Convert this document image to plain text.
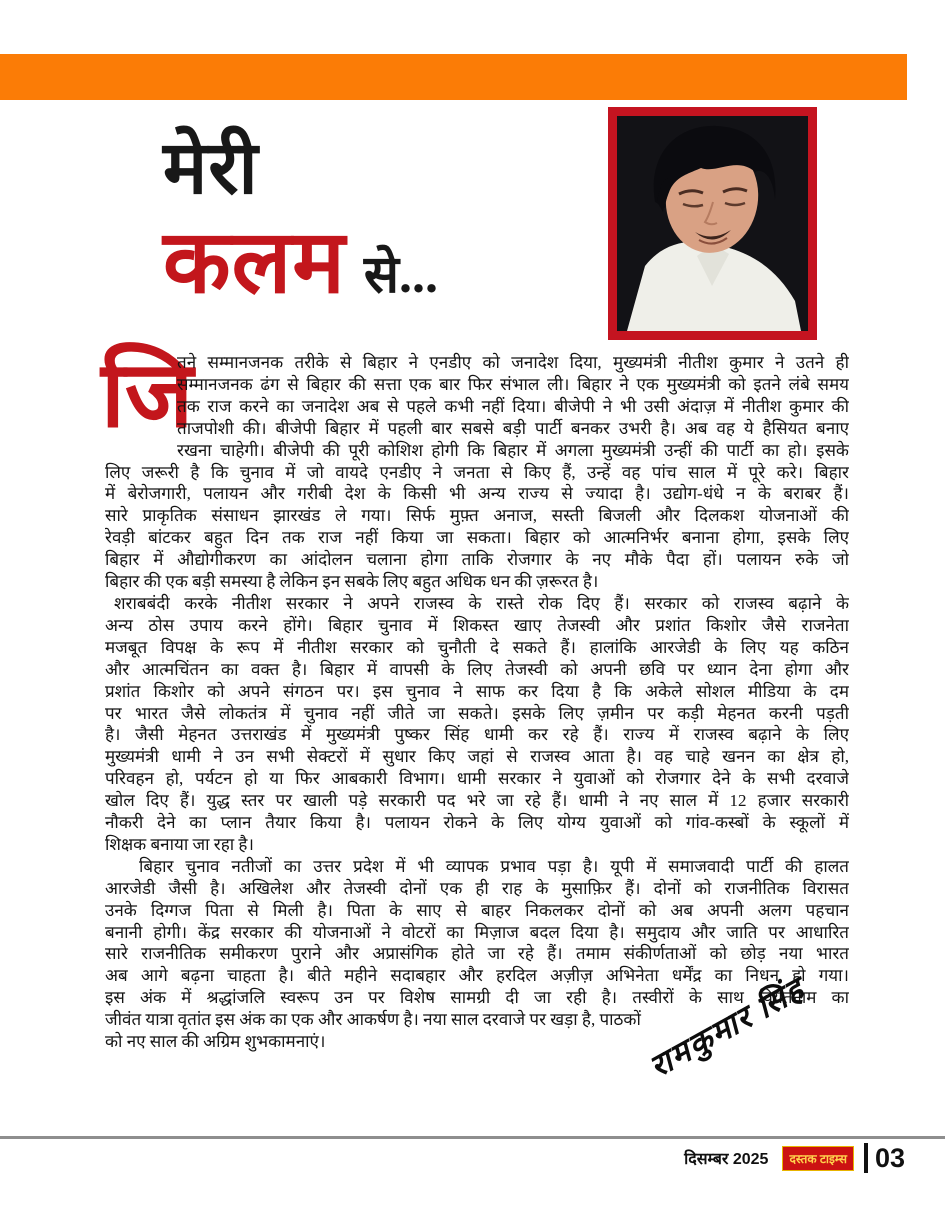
मेरी
कलम से...
जि
तने सम्मानजनक तरीके से बिहार ने एनडीए को जनादेश दिया, मुख्यमंत्री नीतीश कुमार ने उतने ही
सम्मानजनक ढंग से बिहार की सत्ता एक बार फिर संभाल ली। बिहार ने एक मुख्यमंत्री को इतने लंबे समय
तक राज करने का जनादेश अब से पहले कभी नहीं दिया। बीजेपी ने भी उसी अंदाज़ में नीतीश कुमार की
ताजपोशी की। बीजेपी बिहार में पहली बार सबसे बड़ी पार्टी बनकर उभरी है। अब वह ये हैसियत बनाए
रखना चाहेगी। बीजेपी की पूरी कोशिश होगी कि बिहार में अगला मुख्यमंत्री उन्हीं की पार्टी का हो। इसके
लिए जरूरी है कि चुनाव में जो वायदे एनडीए ने जनता से किए हैं, उन्हें वह पांच साल में पूरे करे। बिहार
में बेरोजगारी, पलायन और गरीबी देश के किसी भी अन्य राज्य से ज्यादा है। उद्योग-धंधे न के बराबर हैं।
सारे प्राकृतिक संसाधन झारखंड ले गया। सिर्फ मुफ़्त अनाज, सस्ती बिजली और दिलकश योजनाओं की
रेवड़ी बांटकर बहुत दिन तक राज नहीं किया जा सकता। बिहार को आत्मनिर्भर बनाना होगा, इसके लिए
बिहार में औद्योगीकरण का आंदोलन चलाना होगा ताकि रोजगार के नए मौके पैदा हों। पलायन रुके जो
बिहार की एक बड़ी समस्या है लेकिन इन सबके लिए बहुत अधिक धन की ज़रूरत है।
शराबबंदी करके नीतीश सरकार ने अपने राजस्व के रास्ते रोक दिए हैं। सरकार को राजस्व बढ़ाने के
अन्य ठोस उपाय करने होंगे। बिहार चुनाव में शिकस्त खाए तेजस्वी और प्रशांत किशोर जैसे राजनेता
मजबूत विपक्ष के रूप में नीतीश सरकार को चुनौती दे सकते हैं। हालांकि आरजेडी के लिए यह कठिन
और आत्मचिंतन का वक्त है। बिहार में वापसी के लिए तेजस्वी को अपनी छवि पर ध्यान देना होगा और
प्रशांत किशोर को अपने संगठन पर। इस चुनाव ने साफ कर दिया है कि अकेले सोशल मीडिया के दम
पर भारत जैसे लोकतंत्र में चुनाव नहीं जीते जा सकते। इसके लिए ज़मीन पर कड़ी मेहनत करनी पड़ती
है। जैसी मेहनत उत्तराखंड में मुख्यमंत्री पुष्कर सिंह धामी कर रहे हैं। राज्य में राजस्व बढ़ाने के लिए
मुख्यमंत्री धामी ने उन सभी सेक्टरों में सुधार किए जहां से राजस्व आता है। वह चाहे खनन का क्षेत्र हो,
परिवहन हो, पर्यटन हो या फिर आबकारी विभाग। धामी सरकार ने युवाओं को रोजगार देने के सभी दरवाजे
खोल दिए हैं। युद्ध स्तर पर खाली पड़े सरकारी पद भरे जा रहे हैं। धामी ने नए साल में 12 हजार सरकारी
नौकरी देने का प्लान तैयार किया है। पलायन रोकने के लिए योग्य युवाओं को गांव-कस्बों के स्कूलों में
शिक्षक बनाया जा रहा है।
बिहार चुनाव नतीजों का उत्तर प्रदेश में भी व्यापक प्रभाव पड़ा है। यूपी में समाजवादी पार्टी की हालत
आरजेडी जैसी है। अखिलेश और तेजस्वी दोनों एक ही राह के मुसाफ़िर हैं। दोनों को राजनीतिक विरासत
उनके दिग्गज पिता से मिली है। पिता के साए से बाहर निकलकर दोनों को अब अपनी अलग पहचान
बनानी होगी। केंद्र सरकार की योजनाओं ने वोटरों का मिज़ाज बदल दिया है। समुदाय और जाति पर आधारित
सारे राजनीतिक समीकरण पुराने और अप्रासंगिक होते जा रहे हैं। तमाम संकीर्णताओं को छोड़ नया भारत
अब आगे बढ़ना चाहता है। बीते महीने सदाबहार और हरदिल अज़ीज़ अभिनेता धर्मेंद्र का निधन हो गया।
इस अंक में श्रद्धांजलि स्वरूप उन पर विशेष सामग्री दी जा रही है। तस्वीरों के साथ वियतनाम का
जीवंत यात्रा वृतांत इस अंक का एक और आकर्षण है। नया साल दरवाजे पर खड़ा है, पाठकों
को नए साल की अग्रिम शुभकामनाएं।	रामकुमार सिंह
दिसम्बर 2025	दस्तक टाइम्स 03
